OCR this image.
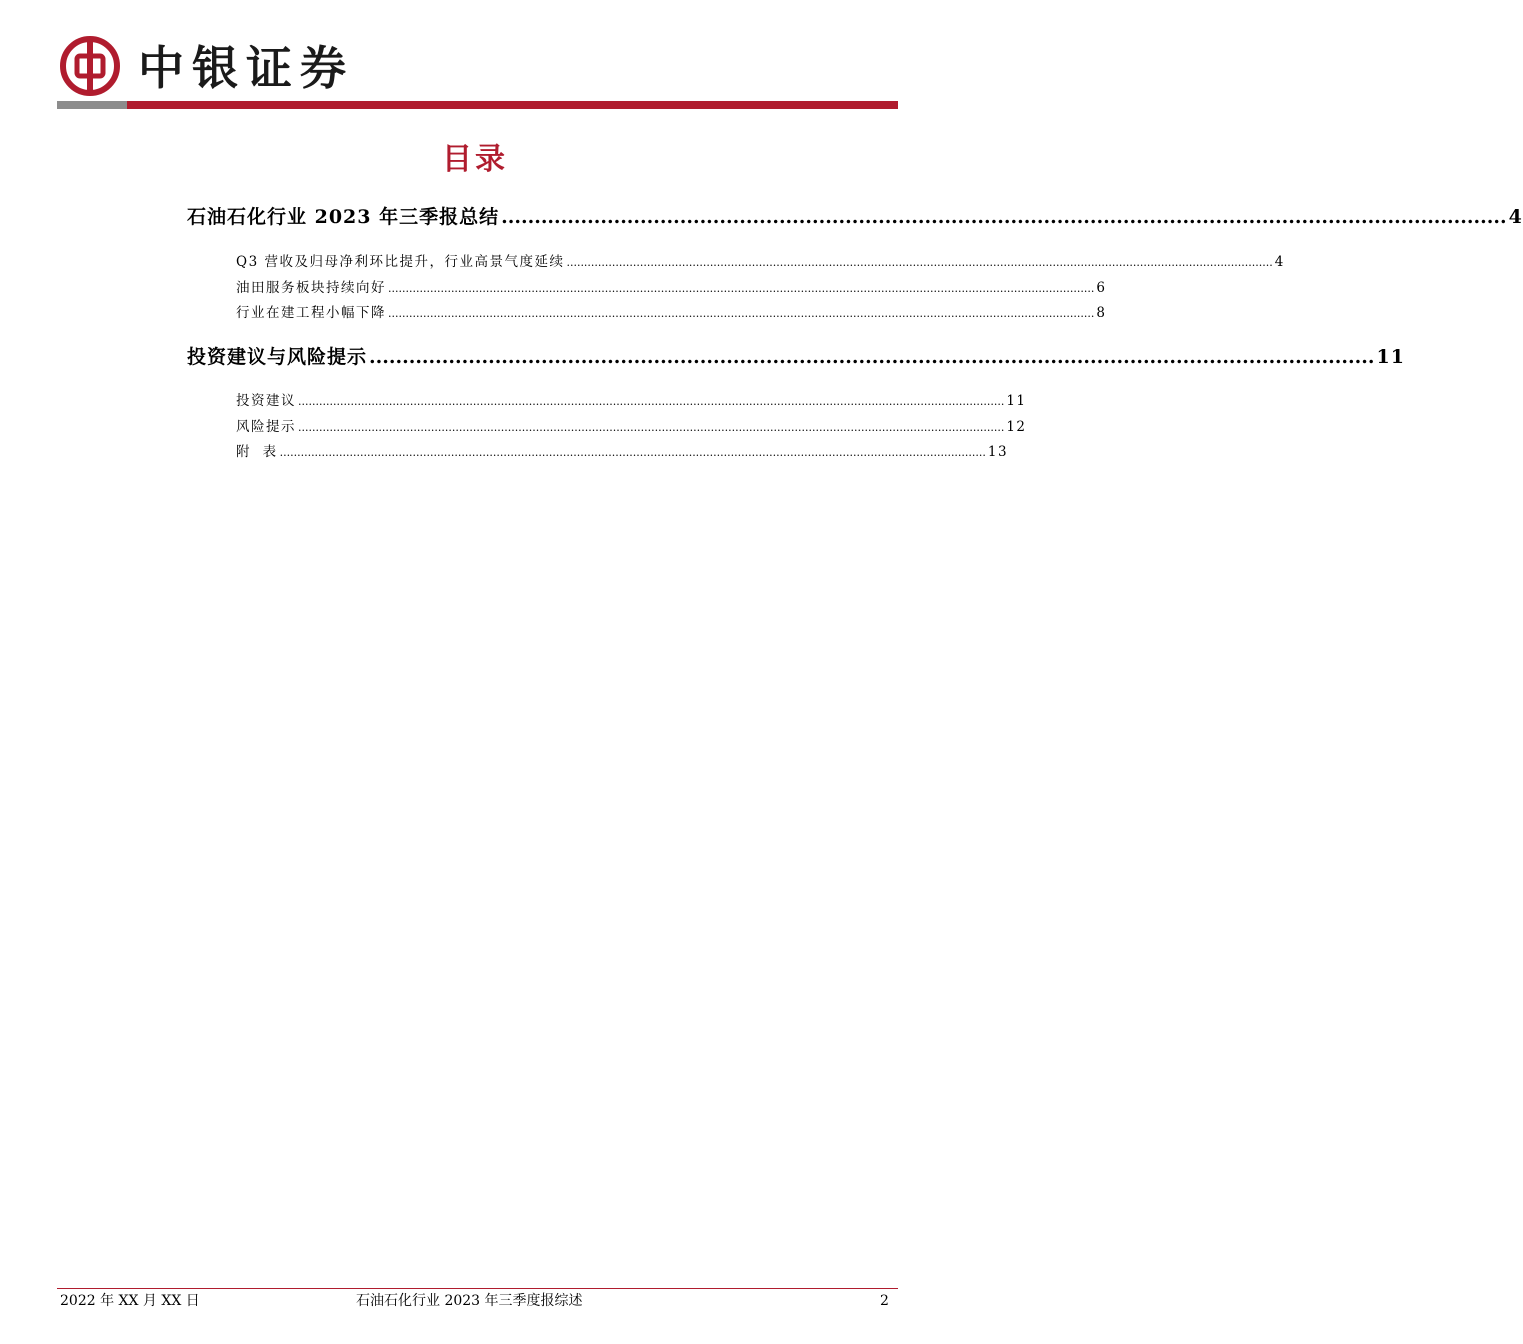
中银证券
目录
石油石化行业 2023 年三季报总结 ........................................................................................................................................................ 4
Q3 营收及归母净利环比提升，行业高景气度延续 .......................................................................................................................................................................................................... 4
油田服务板块持续向好 .......................................................................................................................................................................................................... 6
行业在建工程小幅下降 .......................................................................................................................................................................................................... 8
投资建议与风险提示 ........................................................................................................................................................ 11
投资建议 .......................................................................................................................................................................................................... 11
风险提示 .......................................................................................................................................................................................................... 12
附  表 .......................................................................................................................................................................................................... 13
2022 年 XX 月 XX 日	石油石化行业 2023 年三季度报综述	2
